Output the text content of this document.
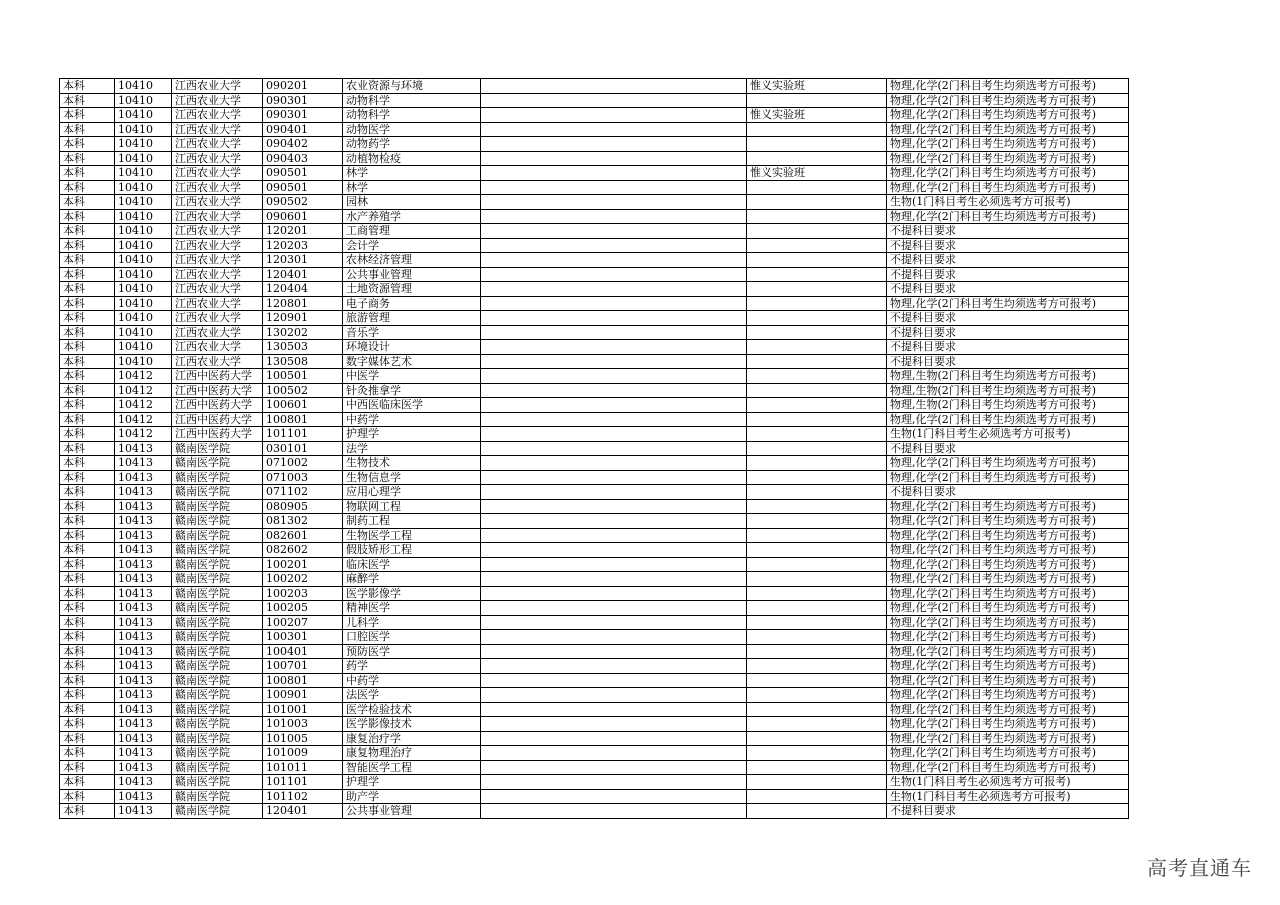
本科	10410	江西农业大学	090201	农业资源与环境		惟义实验班	物理,化学(2门科目考生均须选考方可报考)
本科	10410	江西农业大学	090301	动物科学			物理,化学(2门科目考生均须选考方可报考)
本科	10410	江西农业大学	090301	动物科学		惟义实验班	物理,化学(2门科目考生均须选考方可报考)
本科	10410	江西农业大学	090401	动物医学			物理,化学(2门科目考生均须选考方可报考)
本科	10410	江西农业大学	090402	动物药学			物理,化学(2门科目考生均须选考方可报考)
本科	10410	江西农业大学	090403	动植物检疫			物理,化学(2门科目考生均须选考方可报考)
本科	10410	江西农业大学	090501	林学		惟义实验班	物理,化学(2门科目考生均须选考方可报考)
本科	10410	江西农业大学	090501	林学			物理,化学(2门科目考生均须选考方可报考)
本科	10410	江西农业大学	090502	园林			生物(1门科目考生必须选考方可报考)
本科	10410	江西农业大学	090601	水产养殖学			物理,化学(2门科目考生均须选考方可报考)
本科	10410	江西农业大学	120201	工商管理			不提科目要求
本科	10410	江西农业大学	120203	会计学			不提科目要求
本科	10410	江西农业大学	120301	农林经济管理			不提科目要求
本科	10410	江西农业大学	120401	公共事业管理			不提科目要求
本科	10410	江西农业大学	120404	土地资源管理			不提科目要求
本科	10410	江西农业大学	120801	电子商务			物理,化学(2门科目考生均须选考方可报考)
本科	10410	江西农业大学	120901	旅游管理			不提科目要求
本科	10410	江西农业大学	130202	音乐学			不提科目要求
本科	10410	江西农业大学	130503	环境设计			不提科目要求
本科	10410	江西农业大学	130508	数字媒体艺术			不提科目要求
本科	10412	江西中医药大学	100501	中医学			物理,生物(2门科目考生均须选考方可报考)
本科	10412	江西中医药大学	100502	针灸推拿学			物理,生物(2门科目考生均须选考方可报考)
本科	10412	江西中医药大学	100601	中西医临床医学			物理,生物(2门科目考生均须选考方可报考)
本科	10412	江西中医药大学	100801	中药学			物理,化学(2门科目考生均须选考方可报考)
本科	10412	江西中医药大学	101101	护理学			生物(1门科目考生必须选考方可报考)
本科	10413	赣南医学院	030101	法学			不提科目要求
本科	10413	赣南医学院	071002	生物技术			物理,化学(2门科目考生均须选考方可报考)
本科	10413	赣南医学院	071003	生物信息学			物理,化学(2门科目考生均须选考方可报考)
本科	10413	赣南医学院	071102	应用心理学			不提科目要求
本科	10413	赣南医学院	080905	物联网工程			物理,化学(2门科目考生均须选考方可报考)
本科	10413	赣南医学院	081302	制药工程			物理,化学(2门科目考生均须选考方可报考)
本科	10413	赣南医学院	082601	生物医学工程			物理,化学(2门科目考生均须选考方可报考)
本科	10413	赣南医学院	082602	假肢矫形工程			物理,化学(2门科目考生均须选考方可报考)
本科	10413	赣南医学院	100201	临床医学			物理,化学(2门科目考生均须选考方可报考)
本科	10413	赣南医学院	100202	麻醉学			物理,化学(2门科目考生均须选考方可报考)
本科	10413	赣南医学院	100203	医学影像学			物理,化学(2门科目考生均须选考方可报考)
本科	10413	赣南医学院	100205	精神医学			物理,化学(2门科目考生均须选考方可报考)
本科	10413	赣南医学院	100207	儿科学			物理,化学(2门科目考生均须选考方可报考)
本科	10413	赣南医学院	100301	口腔医学			物理,化学(2门科目考生均须选考方可报考)
本科	10413	赣南医学院	100401	预防医学			物理,化学(2门科目考生均须选考方可报考)
本科	10413	赣南医学院	100701	药学			物理,化学(2门科目考生均须选考方可报考)
本科	10413	赣南医学院	100801	中药学			物理,化学(2门科目考生均须选考方可报考)
本科	10413	赣南医学院	100901	法医学			物理,化学(2门科目考生均须选考方可报考)
本科	10413	赣南医学院	101001	医学检验技术			物理,化学(2门科目考生均须选考方可报考)
本科	10413	赣南医学院	101003	医学影像技术			物理,化学(2门科目考生均须选考方可报考)
本科	10413	赣南医学院	101005	康复治疗学			物理,化学(2门科目考生均须选考方可报考)
本科	10413	赣南医学院	101009	康复物理治疗			物理,化学(2门科目考生均须选考方可报考)
本科	10413	赣南医学院	101011	智能医学工程			物理,化学(2门科目考生均须选考方可报考)
本科	10413	赣南医学院	101101	护理学			生物(1门科目考生必须选考方可报考)
本科	10413	赣南医学院	101102	助产学			生物(1门科目考生必须选考方可报考)
本科	10413	赣南医学院	120401	公共事业管理			不提科目要求
高考直通车
